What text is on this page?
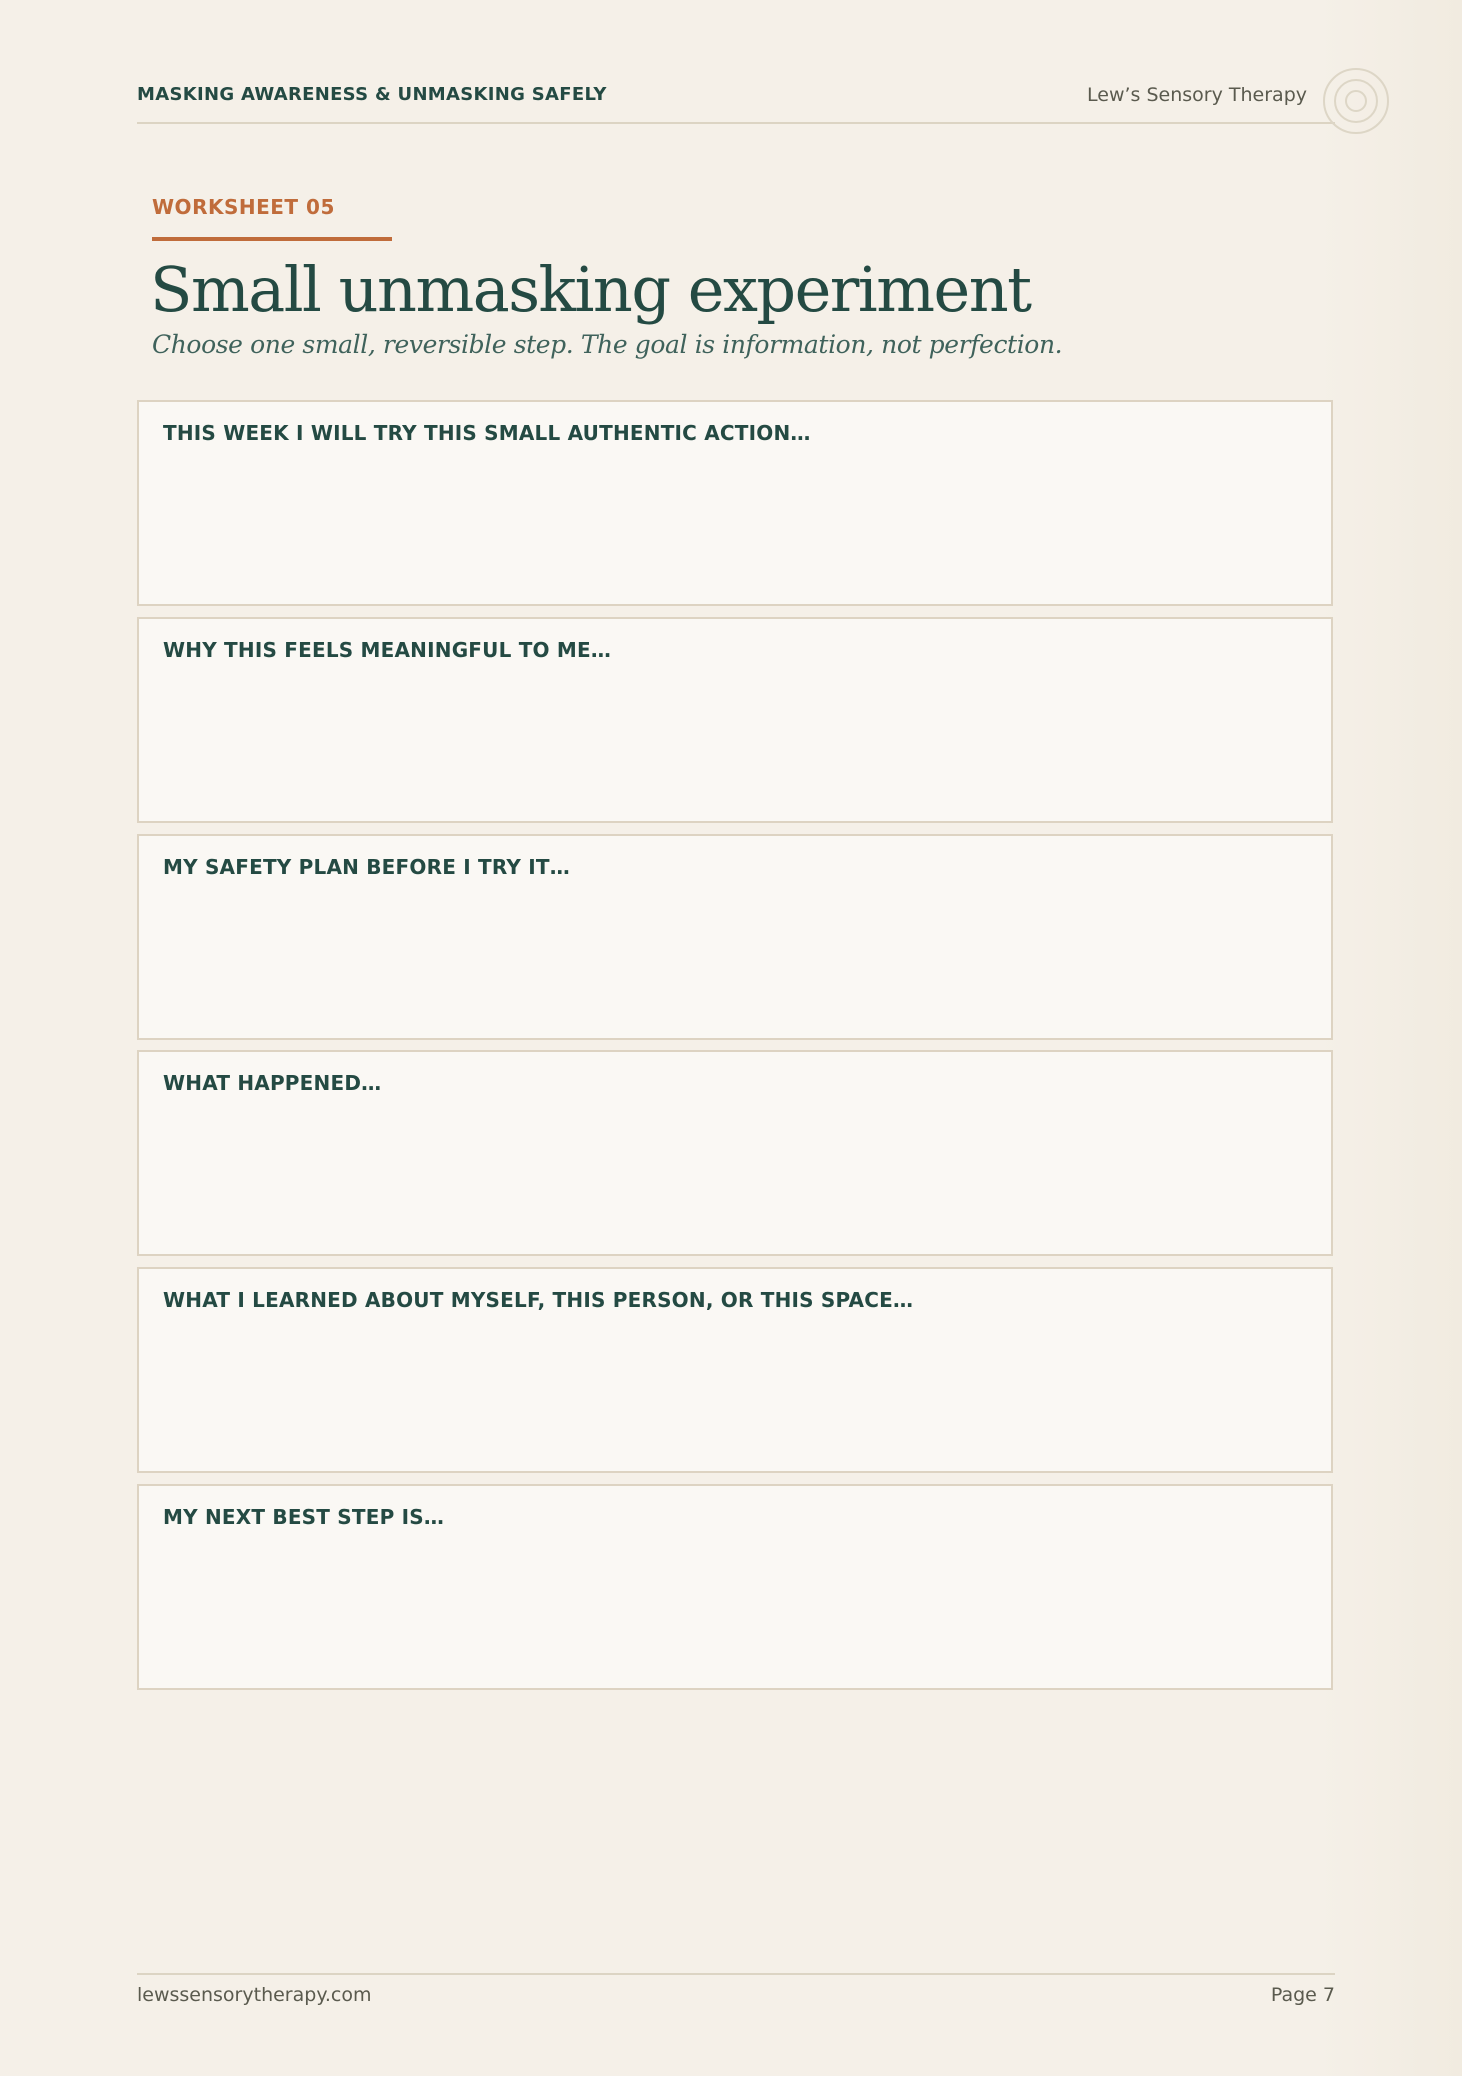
MASKING AWARENESS & UNMASKING SAFELY	Lew’s Sensory Therapy
WORKSHEET 05
Small unmasking experiment
Choose one small, reversible step. The goal is information, not perfection.
THIS WEEK I WILL TRY THIS SMALL AUTHENTIC ACTION…
WHY THIS FEELS MEANINGFUL TO ME…
MY SAFETY PLAN BEFORE I TRY IT…
WHAT HAPPENED…
WHAT I LEARNED ABOUT MYSELF, THIS PERSON, OR THIS SPACE…
MY NEXT BEST STEP IS…
lewssensorytherapy.com	Page 7
